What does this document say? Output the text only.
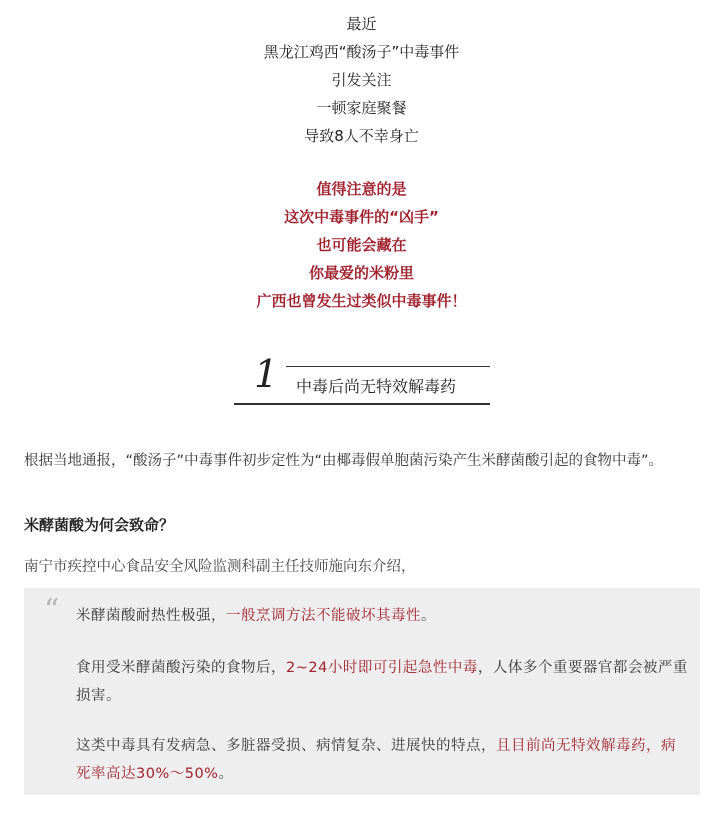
最近
黑龙江鸡西“酸汤子”中毒事件
引发关注
一顿家庭聚餐
导致8人不幸身亡
值得注意的是
这次中毒事件的“凶手”
也可能会藏在
你最爱的米粉里
广西也曾发生过类似中毒事件！
1 中毒后尚无特效解毒药
根据当地通报，“酸汤子”中毒事件初步定性为“由椰毒假单胞菌污染产生米酵菌酸引起的食物中毒”。
米酵菌酸为何会致命？
南宁市疾控中心食品安全风险监测科副主任技师施向东介绍，
“ 米酵菌酸耐热性极强，一般烹调方法不能破坏其毒性。
食用受米酵菌酸污染的食物后，2~24小时即可引起急性中毒，人体多个重要器官都会被严重损害。
这类中毒具有发病急、多脏器受损、病情复杂、进展快的特点，且目前尚无特效解毒药，病死率高达30%～50%。
